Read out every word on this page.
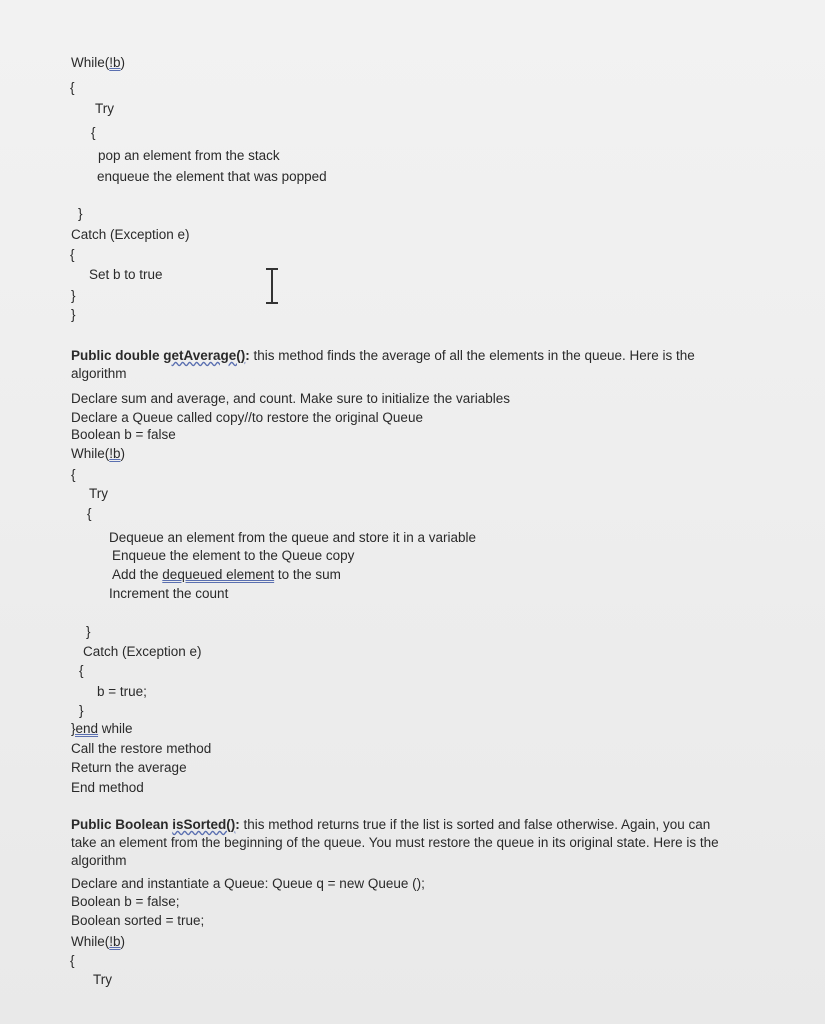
While(!b)
{
Try
{
pop an element from the stack
enqueue the element that was popped
}
Catch (Exception e)
{
Set b to true
}
}
Public double getAverage(): this method finds the average of all the elements in the queue. Here is the algorithm
Declare sum and average, and count. Make sure to initialize the variables
Declare a Queue called copy//to restore the original Queue
Boolean b = false
While(!b)
{
Try
{
Dequeue an element from the queue and store it in a variable
Enqueue the element to the Queue copy
Add the dequeued element to the sum
Increment the count
}
Catch (Exception e)
{
b = true;
}
}end while
Call the restore method
Return the average
End method
Public Boolean isSorted(): this method returns true if the list is sorted and false otherwise. Again, you can take an element from the beginning of the queue. You must restore the queue in its original state. Here is the algorithm
Declare and instantiate a Queue: Queue q = new Queue ();
Boolean b = false;
Boolean sorted = true;
While(!b)
{
Try
